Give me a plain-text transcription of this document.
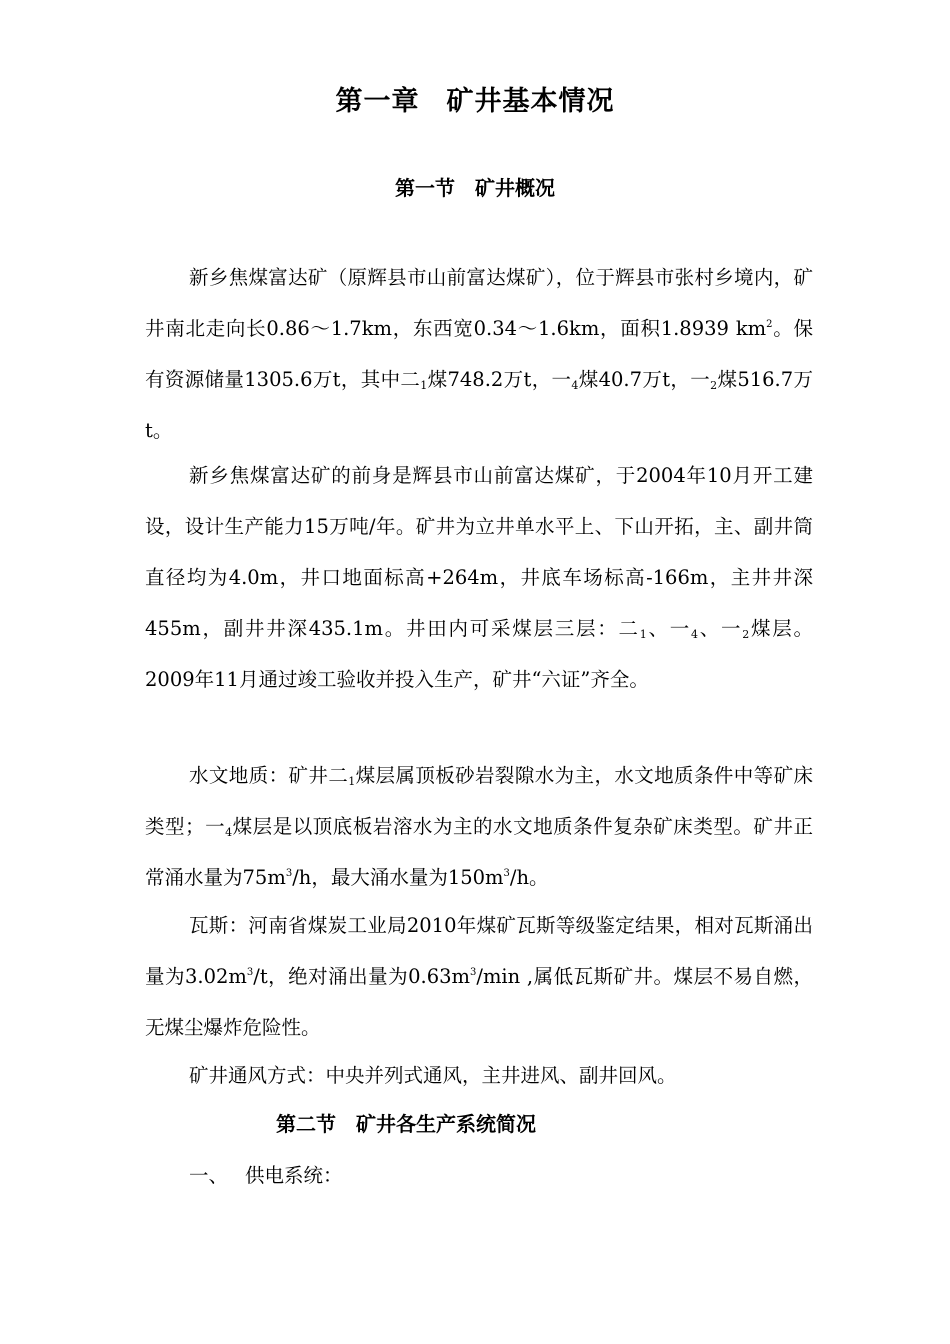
第一章 矿井基本情况
第一节 矿井概况

新乡焦煤富达矿（原辉县市山前富达煤矿），位于辉县市张村乡境内，矿井南北走向长0.86～1.7km，东西宽0.34～1.6km，面积1.8939 $km^2$。保有资源储量1305.6万t，其中二$_1$煤748.2万t，一$_4$煤40.7万t，一$_2$煤516.7万t。

新乡焦煤富达矿的前身是辉县市山前富达煤矿，于2004年10月开工建设，设计生产能力15万吨/年。矿井为立井单水平上、下山开拓，主、副井筒直径均为4.0m，井口地面标高+264m，井底车场标高-166m，主井井深455m，副井井深435.1m。井田内可采煤层三层：二$_1$、一$_4$、一$_2$煤层。2009年11月通过竣工验收并投入生产，矿井“六证”齐全。

水文地质：矿井二$_1$煤层属顶板砂岩裂隙水为主，水文地质条件中等矿床类型；一$_4$煤层是以顶底板岩溶水为主的水文地质条件复杂矿床类型。矿井正常涌水量为$75m^3/h$，最大涌水量为$150m^3/h$。

瓦斯：河南省煤炭工业局2010年煤矿瓦斯等级鉴定结果，相对瓦斯涌出量为$3.02m^3/t$，绝对涌出量为$0.63m^3/\min$ ,属低瓦斯矿井。煤层不易自燃，无煤尘爆炸危险性。

矿井通风方式：中央并列式通风，主井进风、副井回风。

第二节 矿井各生产系统简况
一、 供电系统：
